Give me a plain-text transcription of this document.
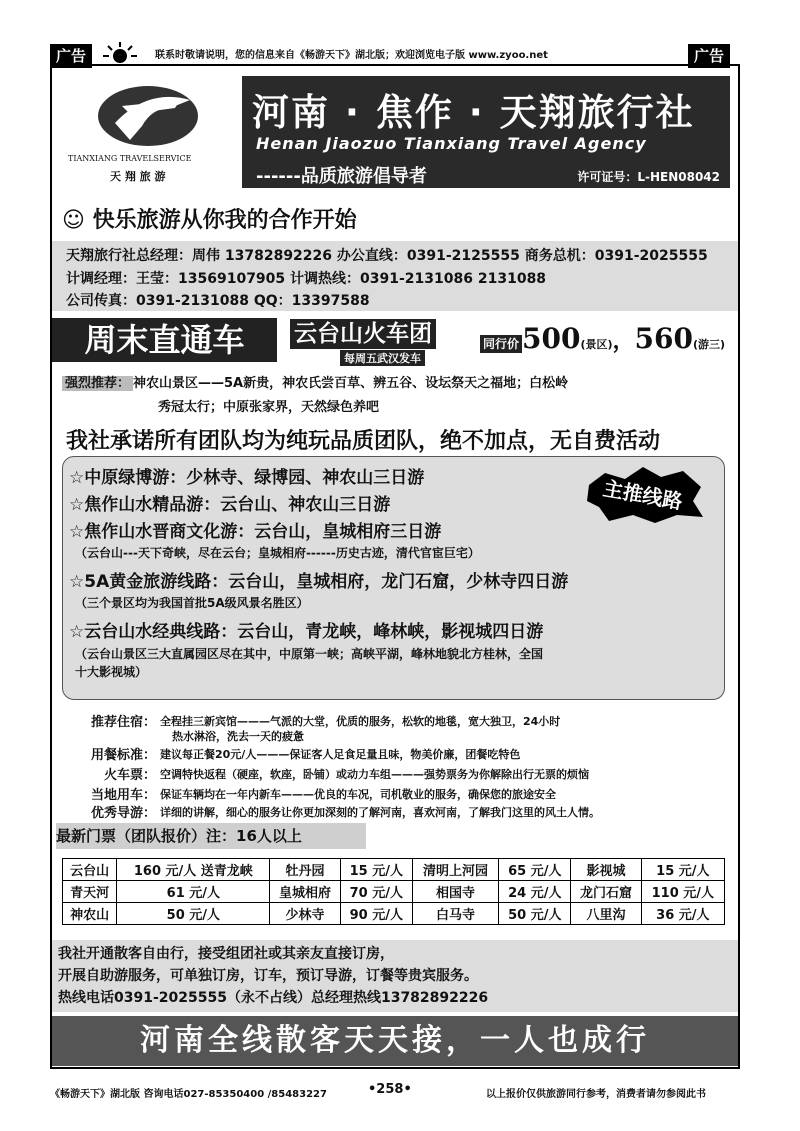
广告	联系时敬请说明，您的信息来自《畅游天下》湖北版；欢迎浏览电子版 www.zyoo.net	广告
TIANXIANG TRAVELSERVICE
天 翔 旅 游
河南 · 焦作 · 天翔旅行社
Henan Jiaozuo Tianxiang Travel Agency
------品质旅游倡导者	许可证号：L-HEN08042
☺ 快乐旅游从你我的合作开始
天翔旅行社总经理：周伟 13782892226 办公直线：0391-2125555 商务总机：0391-2025555
计调经理：王莹：13569107905 计调热线：0391-2131086 2131088
公司传真：0391-2131088 QQ：13397588
周末直通车	云台山火车团
每周五武汉发车
同行价 500(景区)，560(游三)
强烈推荐： 神农山景区——5A新贵，神农氏尝百草、辨五谷、设坛祭天之福地；白松岭
秀冠太行；中原张家界，天然绿色养吧
我社承诺所有团队均为纯玩品质团队，绝不加点，无自费活动
☆中原绿博游：少林寺、绿博园、神农山三日游
☆焦作山水精品游：云台山、神农山三日游
☆焦作山水晋商文化游：云台山，皇城相府三日游
（云台山---天下奇峡，尽在云台；皇城相府------历史古迹，清代官宦巨宅）
☆5A黄金旅游线路：云台山，皇城相府，龙门石窟，少林寺四日游
（三个景区均为我国首批5A级风景名胜区）
☆云台山水经典线路：云台山，青龙峡，峰林峡，影视城四日游
（云台山景区三大直属园区尽在其中，中原第一峡；高峡平湖，峰林地貌北方桂林，全国
十大影视城）
主推线路
推荐住宿： 全程挂三新宾馆———气派的大堂，优质的服务，松软的地毯，宽大独卫，24小时
热水淋浴，洗去一天的疲惫
用餐标准： 建议每正餐20元/人———保证客人足食足量且味，物美价廉，团餐吃特色
火车票： 空调特快返程（硬座，软座，卧铺）或动力车组———强势票务为你解除出行无票的烦恼
当地用车： 保证车辆均在一年内新车———优良的车况，司机敬业的服务，确保您的旅途安全
优秀导游： 详细的讲解，细心的服务让你更加深刻的了解河南，喜欢河南，了解我门这里的风土人情。
最新门票（团队报价）注：16人以上
云台山	160 元/人 送青龙峡	牡丹园	15 元/人	清明上河园	65 元/人	影视城	15 元/人
青天河	61 元/人	皇城相府	70 元/人	相国寺	24 元/人	龙门石窟	110 元/人
神农山	50 元/人	少林寺	90 元/人	白马寺	50 元/人	八里沟	36 元/人
我社开通散客自由行，接受组团社或其亲友直接订房，
开展自助游服务，可单独订房，订车，预订导游，订餐等贵宾服务。
热线电话0391-2025555（永不占线）总经理热线13782892226
河南全线散客天天接，一人也成行
《畅游天下》湖北版 咨询电话027-85350400 /85483227	•258•	以上报价仅供旅游同行参考，消费者请勿参阅此书
